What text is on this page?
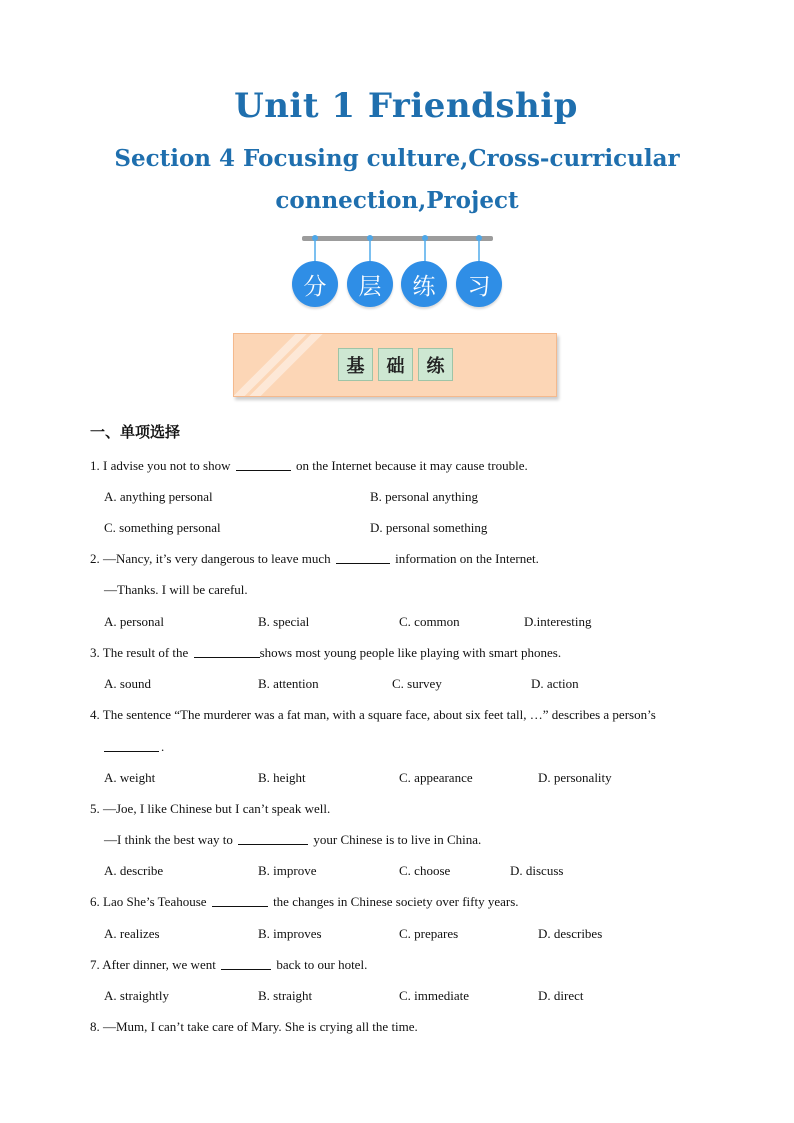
Unit 1 Friendship
Section 4 Focusing culture,Cross-curricular
connection,Project
分	层	练	习
基	础	练
一、单项选择
1. I advise you not to show	on the Internet because it may cause trouble.
A. anything personal	B. personal anything
C. something personal	D. personal something
2. —Nancy, it’s very dangerous to leave much	information on the Internet.
—Thanks. I will be careful.
A. personal	B. special	C. common	D.interesting
3. The result of the	shows most young people like playing with smart phones.
A. sound	B. attention	C. survey	D. action
4. The sentence “The murderer was a fat man, with a square face, about six feet tall, …” describes a person’s
.
A. weight	B. height	C. appearance	D. personality
5. —Joe, I like Chinese but I can’t speak well.
—I think the best way to	your Chinese is to live in China.
A. describe	B. improve	C. choose	D. discuss
6. Lao She’s Teahouse	the changes in Chinese society over fifty years.
A. realizes	B. improves	C. prepares	D. describes
7. After dinner, we went	back to our hotel.
A. straightly	B. straight	C. immediate	D. direct
8. —Mum, I can’t take care of Mary. She is crying all the time.
